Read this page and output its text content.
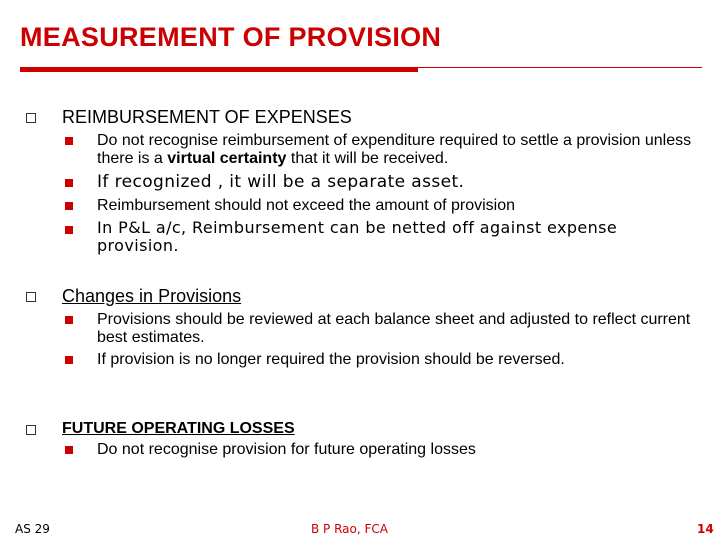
MEASUREMENT OF PROVISION

REIMBURSEMENT OF EXPENSES

Do not recognise reimbursement of expenditure required to settle a provision unless there is a virtual certainty that it will be received.

If recognized , it will be a separate asset.

Reimbursement should not exceed the amount of provision

In P&L a/c, Reimbursement can be netted off against expense provision.

Changes in Provisions

Provisions should be reviewed at each balance sheet and adjusted to reflect current best estimates.

If provision is no longer required the provision should be reversed.

FUTURE OPERATING LOSSES

Do not recognise provision for future operating losses

AS 29	B P Rao, FCA	14
